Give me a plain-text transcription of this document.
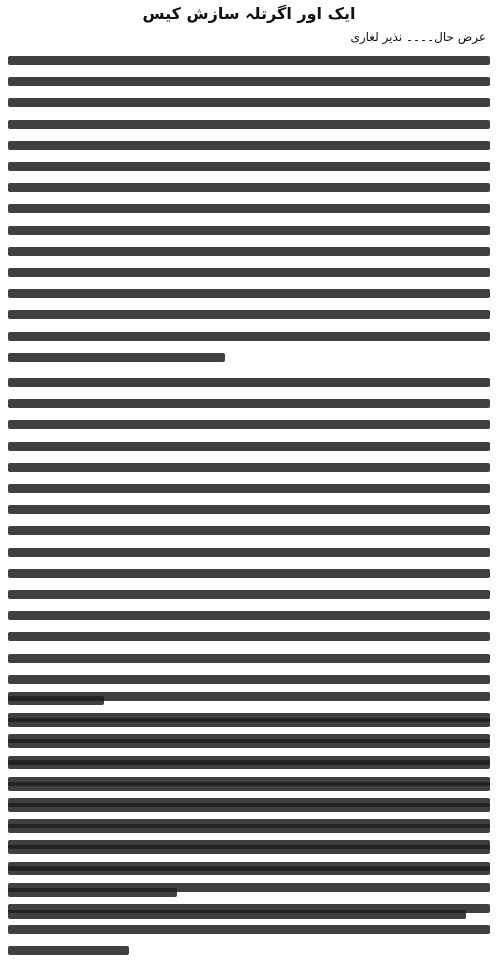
ایک اور اگرتلہ سازش کیس
عرض حال۔۔۔۔ نذیر لغاری
